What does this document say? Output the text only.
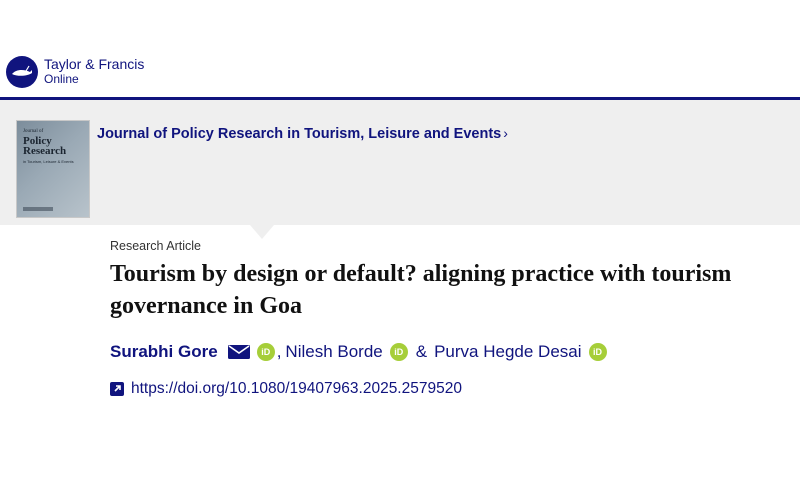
Taylor & Francis
Online
Journal of
Policy
Research
in Tourism, Leisure & Events
Journal of Policy Research in Tourism, Leisure and Events ›
Research Article
Tourism by design or default? aligning practice with tourism governance in Goa
Surabhi Gore	iD , Nilesh Borde	iD & Purva Hegde Desai	iD
https://doi.org/10.1080/19407963.2025.2579520
